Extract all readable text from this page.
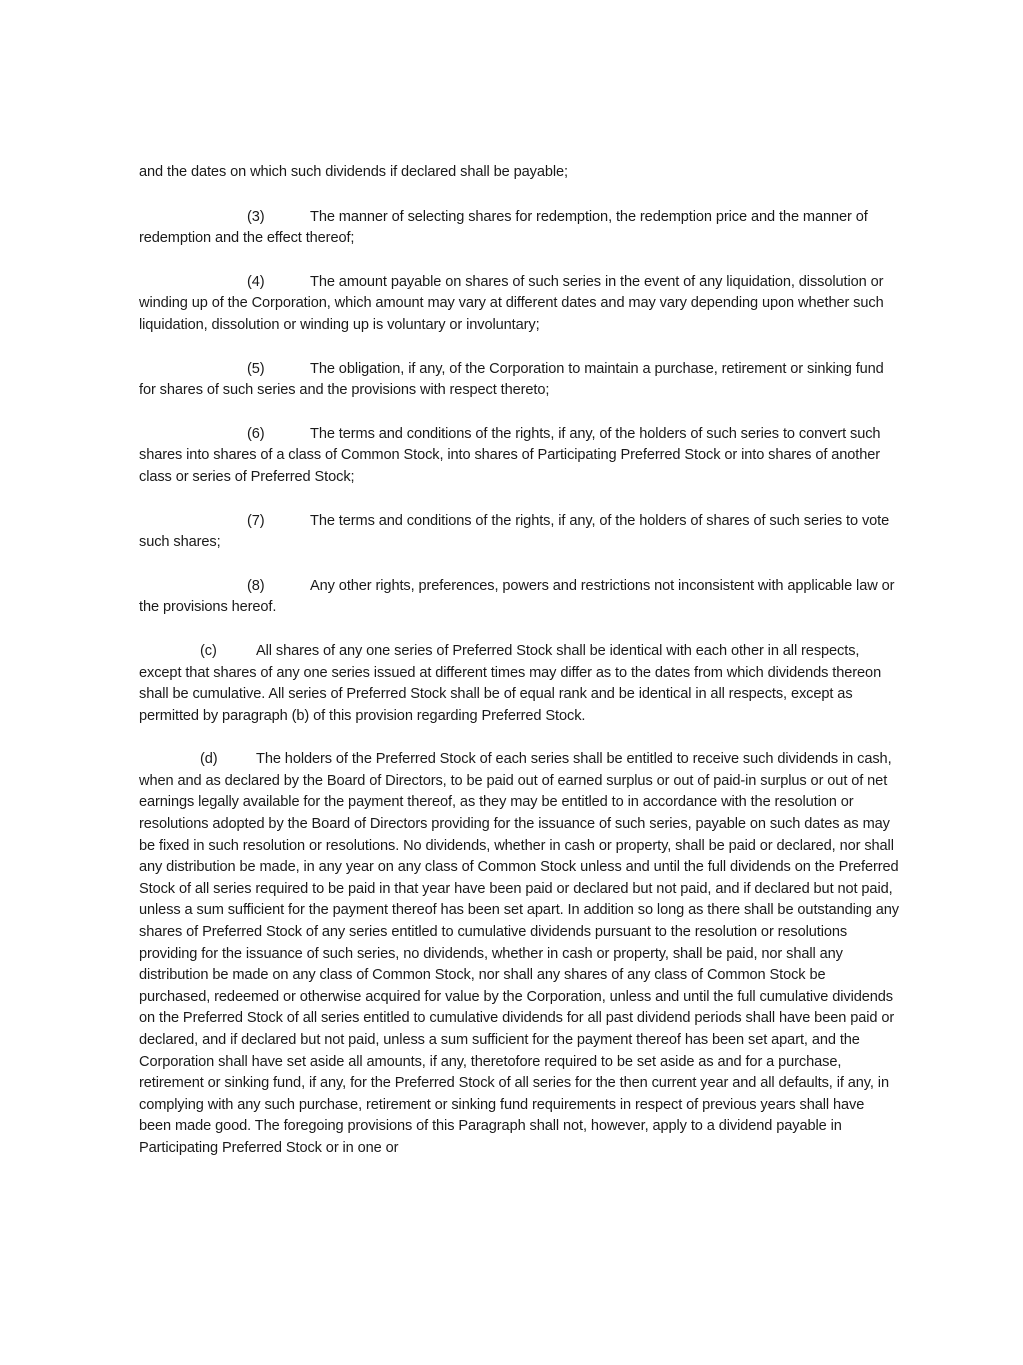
and the dates on which such dividends if declared shall be payable;

(3)	The manner of selecting shares for redemption, the redemption price and the manner of redemption and the effect thereof;

(4)	The amount payable on shares of such series in the event of any liquidation, dissolution or winding up of the Corporation, which amount may vary at different dates and may vary depending upon whether such liquidation, dissolution or winding up is voluntary or involuntary;

(5)	The obligation, if any, of the Corporation to maintain a purchase, retirement or sinking fund for shares of such series and the provisions with respect thereto;

(6)	The terms and conditions of the rights, if any, of the holders of such series to convert such shares into shares of a class of Common Stock, into shares of Participating Preferred Stock or into shares of another class or series of Preferred Stock;

(7)	The terms and conditions of the rights, if any, of the holders of shares of such series to vote such shares;

(8)	Any other rights, preferences, powers and restrictions not inconsistent with applicable law or the provisions hereof.

(c)	All shares of any one series of Preferred Stock shall be identical with each other in all respects, except that shares of any one series issued at different times may differ as to the dates from which dividends thereon shall be cumulative. All series of Preferred Stock shall be of equal rank and be identical in all respects, except as permitted by paragraph (b) of this provision regarding Preferred Stock.

(d)	The holders of the Preferred Stock of each series shall be entitled to receive such dividends in cash, when and as declared by the Board of Directors, to be paid out of earned surplus or out of paid-in surplus or out of net earnings legally available for the payment thereof, as they may be entitled to in accordance with the resolution or resolutions adopted by the Board of Directors providing for the issuance of such series, payable on such dates as may be fixed in such resolution or resolutions. No dividends, whether in cash or property, shall be paid or declared, nor shall any distribution be made, in any year on any class of Common Stock unless and until the full dividends on the Preferred Stock of all series required to be paid in that year have been paid or declared but not paid, and if declared but not paid, unless a sum sufficient for the payment thereof has been set apart. In addition so long as there shall be outstanding any shares of Preferred Stock of any series entitled to cumulative dividends pursuant to the resolution or resolutions providing for the issuance of such series, no dividends, whether in cash or property, shall be paid, nor shall any distribution be made on any class of Common Stock, nor shall any shares of any class of Common Stock be purchased, redeemed or otherwise acquired for value by the Corporation, unless and until the full cumulative dividends on the Preferred Stock of all series entitled to cumulative dividends for all past dividend periods shall have been paid or declared, and if declared but not paid, unless a sum sufficient for the payment thereof has been set apart, and the Corporation shall have set aside all amounts, if any, theretofore required to be set aside as and for a purchase, retirement or sinking fund, if any, for the Preferred Stock of all series for the then current year and all defaults, if any, in complying with any such purchase, retirement or sinking fund requirements in respect of previous years shall have been made good. The foregoing provisions of this Paragraph shall not, however, apply to a dividend payable in Participating Preferred Stock or in one or
